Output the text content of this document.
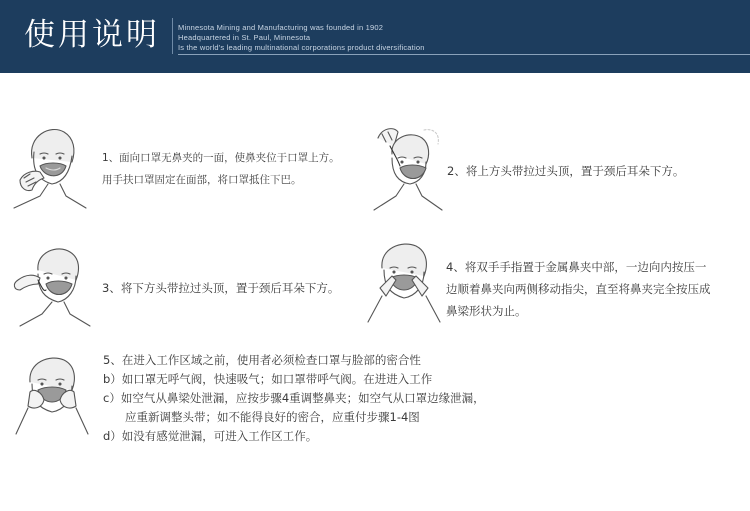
使用说明 Minnesota Mining and Manufacturing was founded in 1902
Headquartered in St. Paul, Minnesota
Is the world's leading multinational corporations product diversification
1、面向口罩无鼻夹的一面，使鼻夹位于口罩上方。
用手扶口罩固定在面部，将口罩抵住下巴。
2、将上方头带拉过头顶，置于颈后耳朵下方。
3、将下方头带拉过头顶，置于颈后耳朵下方。
4、将双手手指置于金属鼻夹中部，一边向内按压一
边顺着鼻夹向两侧移动指尖，直至将鼻夹完全按压成
鼻梁形状为止。
5、在进入工作区域之前，使用者必须检查口罩与脸部的密合性
b）如口罩无呼气阀，快速吸气；如口罩带呼气阀。在进进入工作
c）如空气从鼻梁处泄漏，应按步骤4重调整鼻夹；如空气从口罩边缘泄漏，
应重新调整头带；如不能得良好的密合，应重付步骤1-4图
d）如没有感觉泄漏，可进入工作区工作。
